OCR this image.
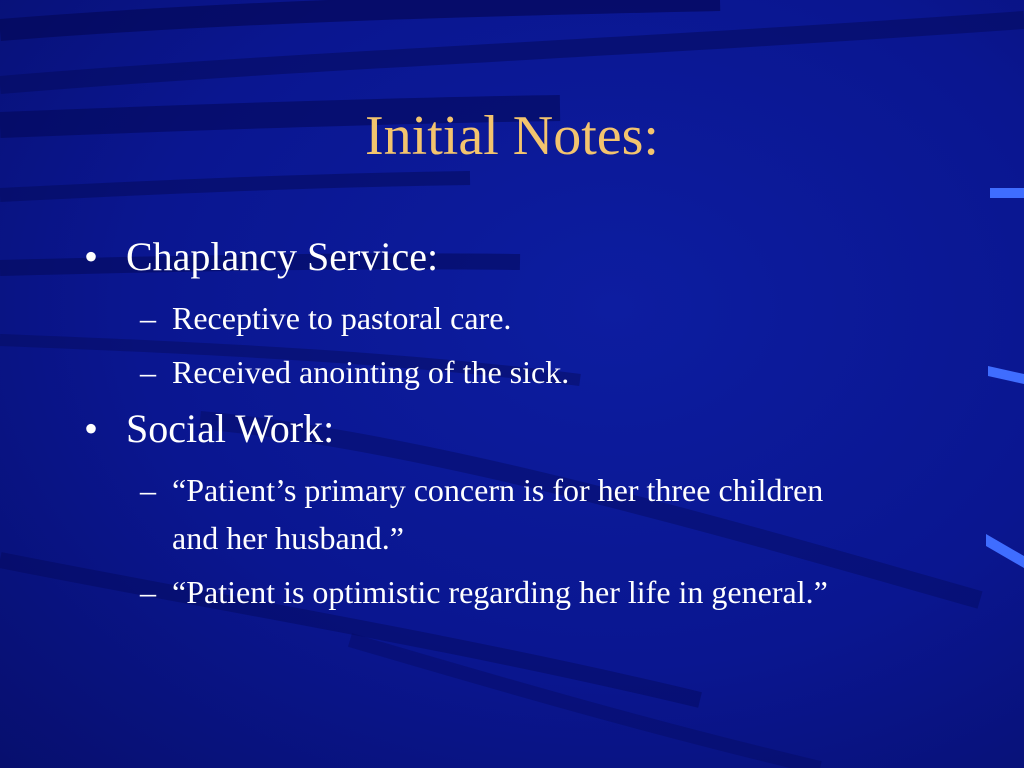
Initial Notes:

• Chaplancy Service:

– Receptive to pastoral care.

– Received anointing of the sick.

• Social Work:

– “Patient’s primary concern is for her three children and her husband.”

– “Patient is optimistic regarding her life in general.”
